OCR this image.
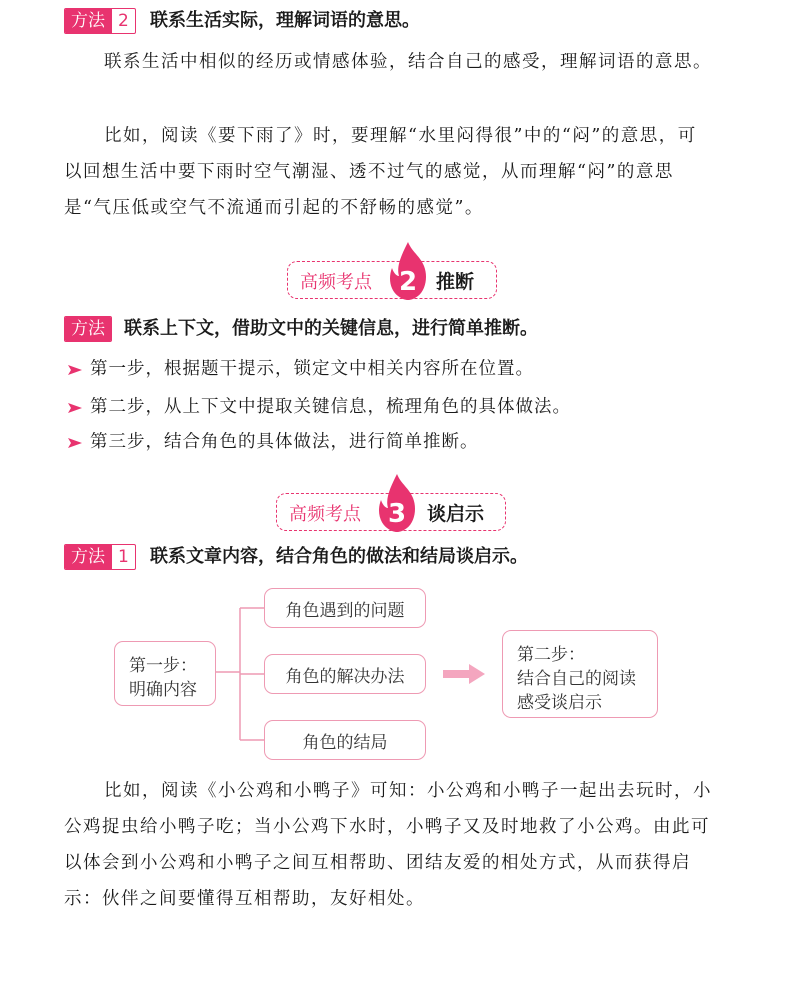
方法 2	联系生活实际，理解词语的意思。
联系生活中相似的经历或情感体验，结合自己的感受，理解词语的意思。
比如，阅读《要下雨了》时，要理解“水里闷得很”中的“闷”的意思，可以回想生活中要下雨时空气潮湿、透不过气的感觉，从而理解“闷”的意思是“气压低或空气不流通而引起的不舒畅的感觉”。
高频考点 2 推断
方法	联系上下文，借助文中的关键信息，进行简单推断。
第一步，根据题干提示，锁定文中相关内容所在位置。
第二步，从上下文中提取关键信息，梳理角色的具体做法。
第三步，结合角色的具体做法，进行简单推断。
高频考点 3 谈启示
方法 1	联系文章内容，结合角色的做法和结局谈启示。
第一步：
明确内容
角色遇到的问题
角色的解决办法
角色的结局
第二步：
结合自己的阅读
感受谈启示
比如，阅读《小公鸡和小鸭子》可知：小公鸡和小鸭子一起出去玩时，小公鸡捉虫给小鸭子吃；当小公鸡下水时，小鸭子又及时地救了小公鸡。由此可以体会到小公鸡和小鸭子之间互相帮助、团结友爱的相处方式，从而获得启示：伙伴之间要懂得互相帮助，友好相处。
